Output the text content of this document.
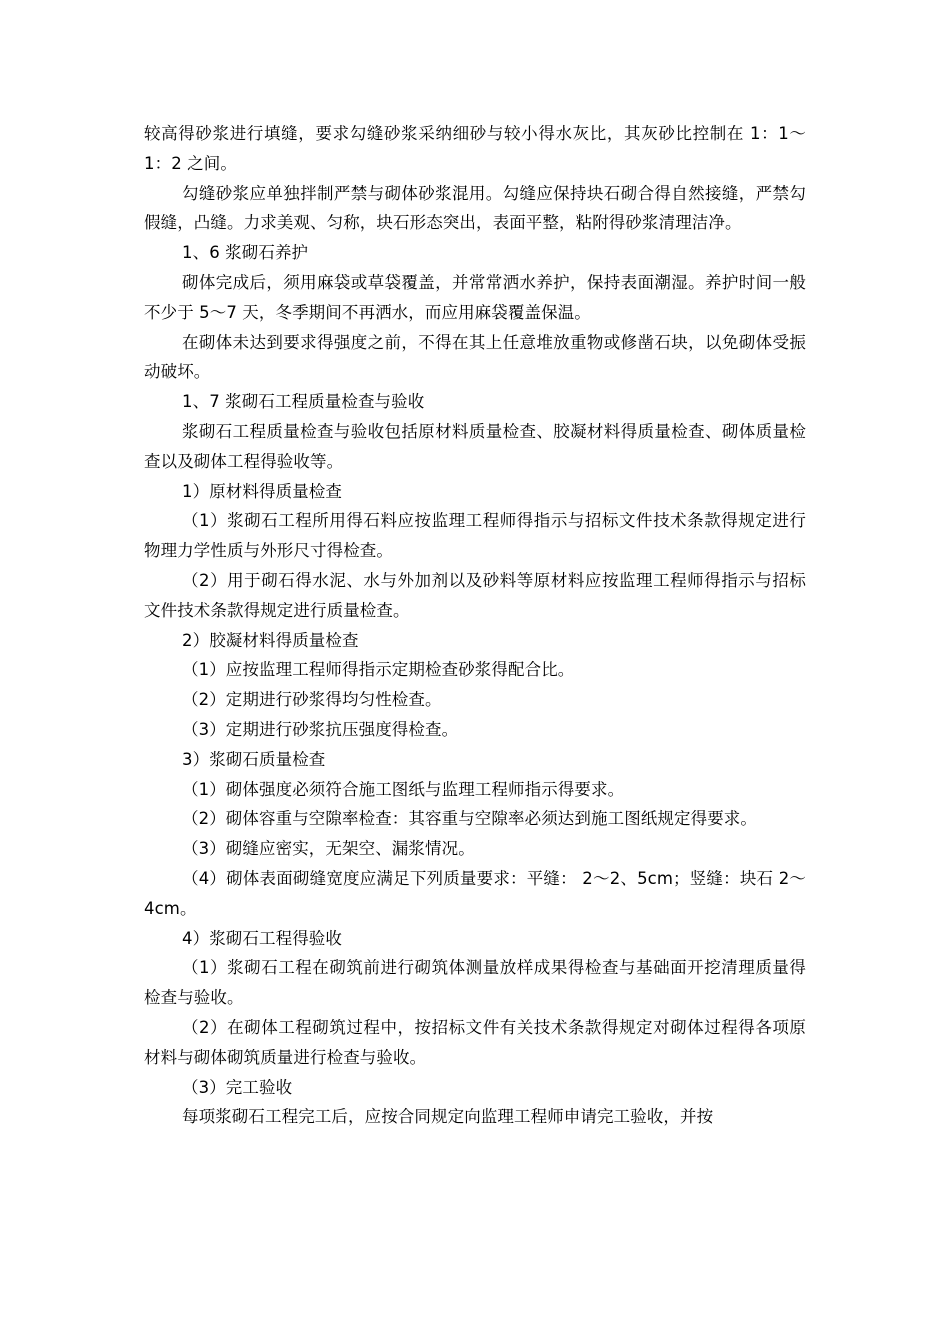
较高得砂浆进行填缝，要求勾缝砂浆采纳细砂与较小得水灰比，其灰砂比控制在 1：1～1：2 之间。

勾缝砂浆应单独拌制严禁与砌体砂浆混用。勾缝应保持块石砌合得自然接缝，严禁勾假缝，凸缝。力求美观、匀称，块石形态突出，表面平整，粘附得砂浆清理洁净。

1、6 浆砌石养护

砌体完成后，须用麻袋或草袋覆盖，并常常洒水养护，保持表面潮湿。养护时间一般不少于 5～7 天，冬季期间不再洒水，而应用麻袋覆盖保温。

在砌体未达到要求得强度之前，不得在其上任意堆放重物或修凿石块，以免砌体受振动破坏。

1、7 浆砌石工程质量检查与验收

浆砌石工程质量检查与验收包括原材料质量检查、胶凝材料得质量检查、砌体质量检查以及砌体工程得验收等。

1）原材料得质量检查

（1）浆砌石工程所用得石料应按监理工程师得指示与招标文件技术条款得规定进行物理力学性质与外形尺寸得检查。

（2）用于砌石得水泥、水与外加剂以及砂料等原材料应按监理工程师得指示与招标文件技术条款得规定进行质量检查。

2）胶凝材料得质量检查

（1）应按监理工程师得指示定期检查砂浆得配合比。

（2）定期进行砂浆得均匀性检查。

（3）定期进行砂浆抗压强度得检查。

3）浆砌石质量检查

（1）砌体强度必须符合施工图纸与监理工程师指示得要求。

（2）砌体容重与空隙率检查：其容重与空隙率必须达到施工图纸规定得要求。

（3）砌缝应密实，无架空、漏浆情况。

（4）砌体表面砌缝宽度应满足下列质量要求：平缝： 2～2、5cm；竖缝：块石 2～4cm。

4）浆砌石工程得验收

（1）浆砌石工程在砌筑前进行砌筑体测量放样成果得检查与基础面开挖清理质量得检查与验收。

（2）在砌体工程砌筑过程中，按招标文件有关技术条款得规定对砌体过程得各项原材料与砌体砌筑质量进行检查与验收。

（3）完工验收

每项浆砌石工程完工后，应按合同规定向监理工程师申请完工验收，并按
